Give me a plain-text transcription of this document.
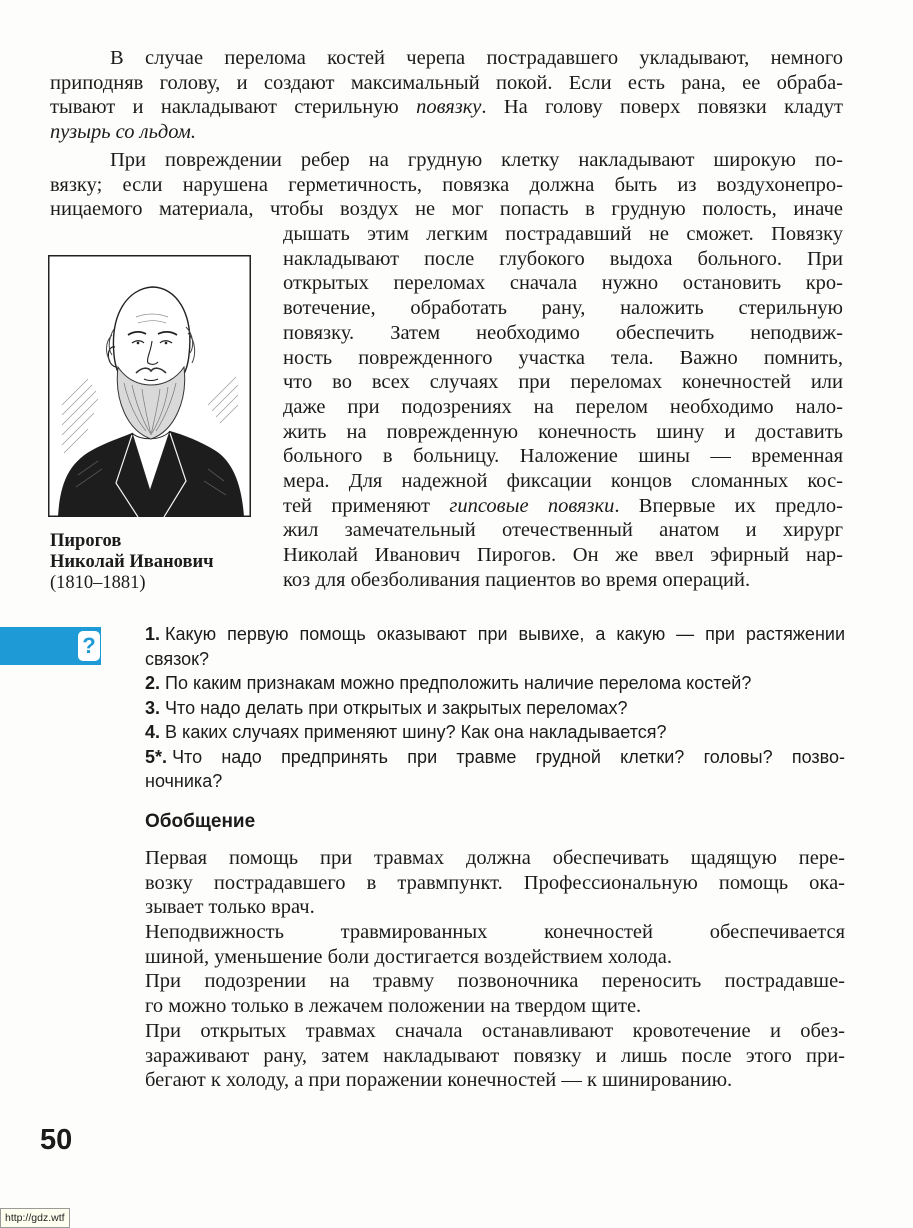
В случае перелома костей черепа пострадавшего укладывают, немного
приподняв голову, и создают максимальный покой. Если есть рана, ее обраба-
тывают и накладывают стерильную повязку. На голову поверх повязки кладут
пузырь со льдом.
При повреждении ребер на грудную клетку накладывают широкую по-
вязку; если нарушена герметичность, повязка должна быть из воздухонепро-
ницаемого материала, чтобы воздух не мог попасть в грудную полость, иначе
дышать этим легким пострадавший не сможет. Повязку
накладывают после глубокого выдоха больного. При
открытых переломах сначала нужно остановить кро-
вотечение, обработать рану, наложить стерильную
повязку. Затем необходимо обеспечить неподвиж-
ность поврежденного участка тела. Важно помнить,
что во всех случаях при переломах конечностей или
даже при подозрениях на перелом необходимо нало-
жить на поврежденную конечность шину и доставить
больного в больницу. Наложение шины — временная
мера. Для надежной фиксации концов сломанных кос-
тей применяют гипсовые повязки. Впервые их предло-
жил замечательный отечественный анатом и хирург
Николай Иванович Пирогов. Он же ввел эфирный нар-
коз для обезболивания пациентов во время операций.
Пирогов
Николай Иванович
(1810–1881)
?	1. Какую первую помощь оказывают при вывихе, а какую — при растяжении
связок?
2. По каким признакам можно предположить наличие перелома костей?
3. Что надо делать при открытых и закрытых переломах?
4. В каких случаях применяют шину? Как она накладывается?
5*. Что надо предпринять при травме грудной клетки? головы? позво-
ночника?
Обобщение
Первая помощь при травмах должна обеспечивать щадящую пере-
возку пострадавшего в травмпункт. Профессиональную помощь ока-
зывает только врач.
Неподвижность травмированных конечностей обеспечивается
шиной, уменьшение боли достигается воздействием холода.
При подозрении на травму позвоночника переносить пострадавше-
го можно только в лежачем положении на твердом щите.
При открытых травмах сначала останавливают кровотечение и обез-
зараживают рану, затем накладывают повязку и лишь после этого при-
бегают к холоду, а при поражении конечностей — к шинированию.
50
http://gdz.wtf
